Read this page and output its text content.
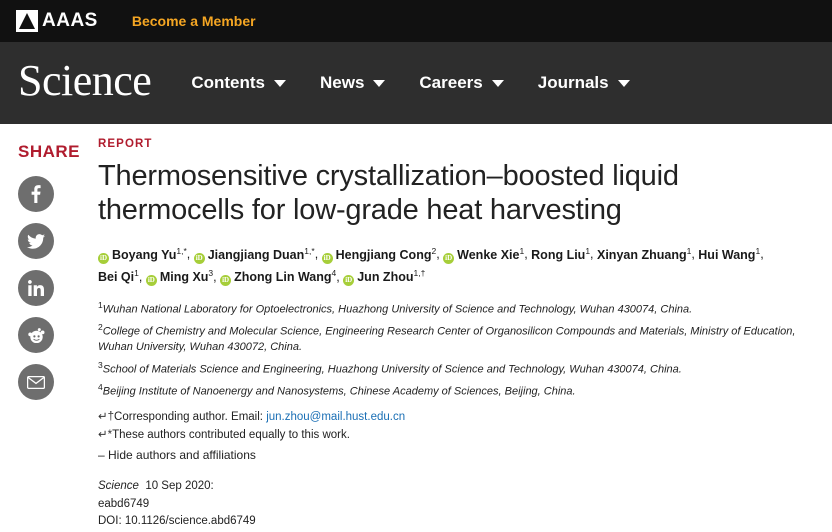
AAAS Become a Member
Science Contents	News	Careers	Journals
SHARE	REPORT
Thermosensitive crystallization–boosted liquid thermocells for low-grade heat harvesting
iD Boyang $Yu^{1,*}$, iD Jiangjiang Duan$^{1,*}$, iD Hengjiang Cong$^2$, iD Wenke Xie$^1$, Rong Liu$^1$, Xinyan Zhuang$^1$, Hui Wang$^1$, Bei Qi$^1$, iD Ming Xu$^3$, iD Zhong Lin Wang$^4$, iD Jun Zhou$^{1,\dagger}$
$^1$Wuhan National Laboratory for Optoelectronics, Huazhong University of Science and Technology, Wuhan 430074, China.
$^2$College of Chemistry and Molecular Science, Engineering Research Center of Organosilicon Compounds and Materials, Ministry of Education, Wuhan University, Wuhan 430072, China.
$^3$School of Materials Science and Engineering, Huazhong University of Science and Technology, Wuhan 430074, China.
$^4$Beijing Institute of Nanoenergy and Nanosystems, Chinese Academy of Sciences, Beijing, China.
↵†Corresponding author. Email: jun.zhou@mail.hust.edu.cn
↵*These authors contributed equally to this work.
– Hide authors and affiliations
Science 10 Sep 2020:
eabd6749
DOI: 10.1126/science.abd6749
